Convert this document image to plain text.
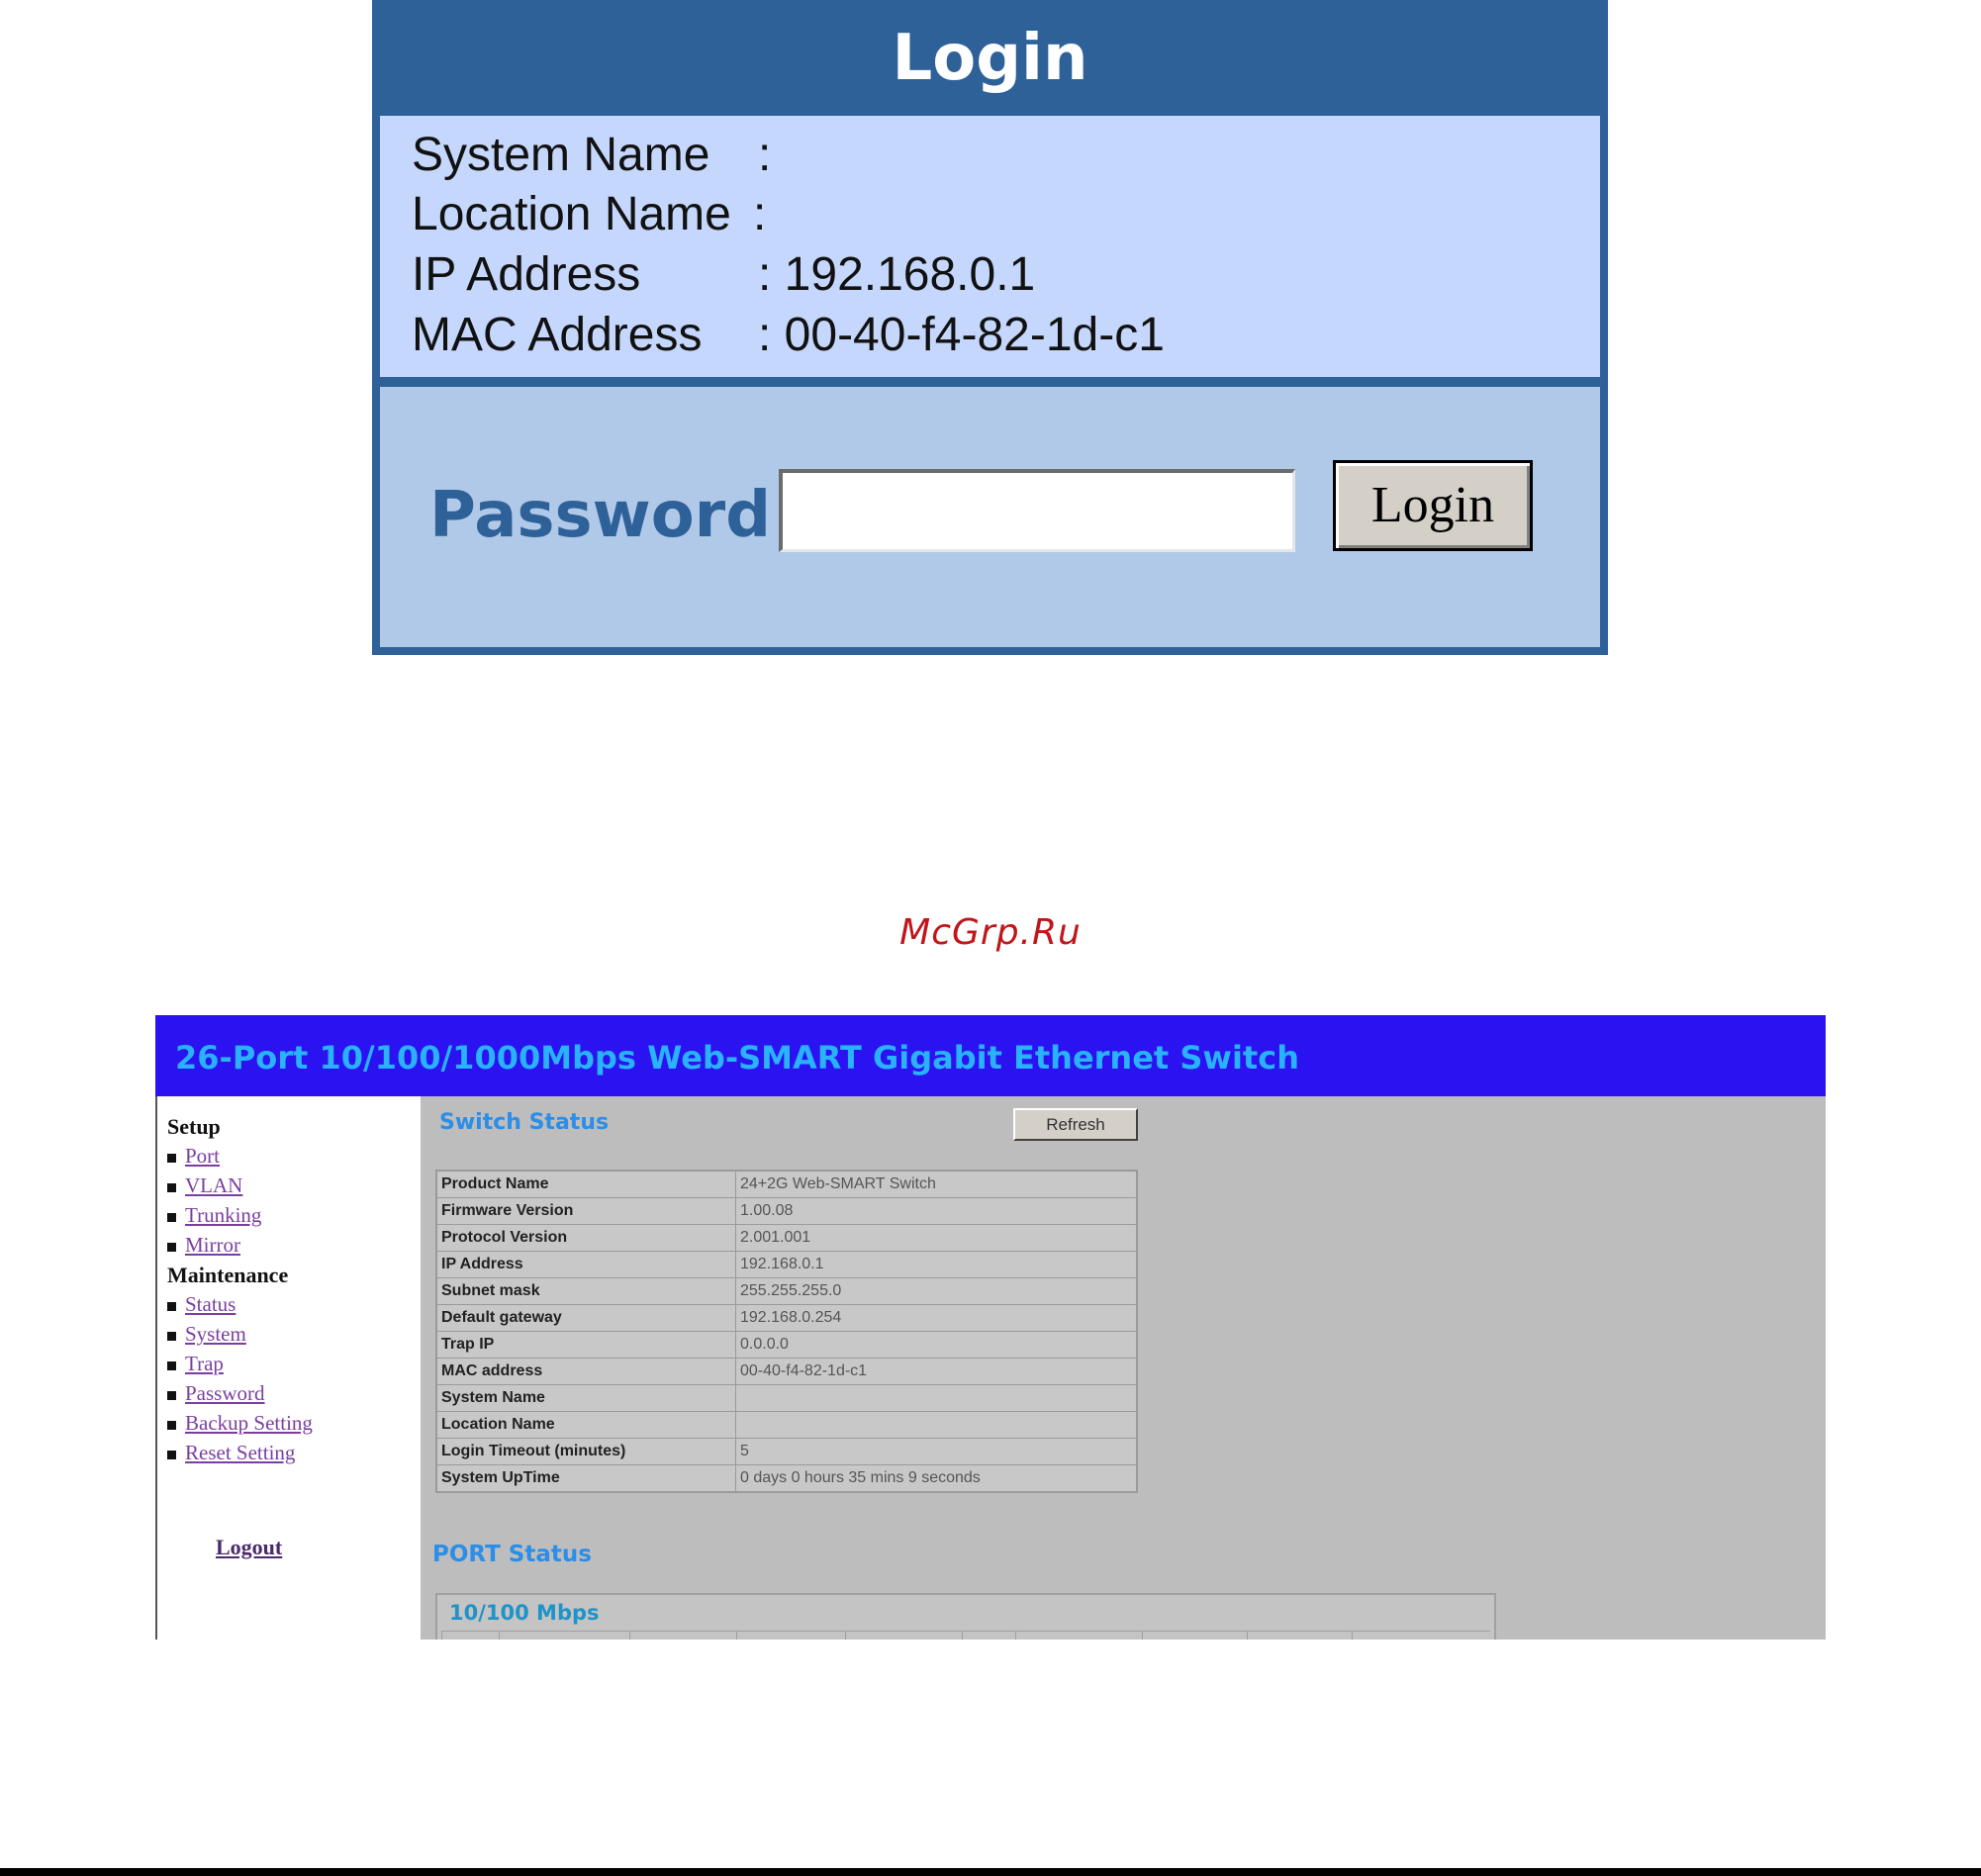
Login
System Name :
Location Name :
IP Address : 192.168.0.1
MAC Address : 00-40-f4-82-1d-c1
Password	Login
McGrp.Ru
26-Port 10/100/1000Mbps Web-SMART Gigabit Ethernet Switch
Setup
Port
VLAN
Trunking
Mirror
Maintenance
Status
System
Trap
Password
Backup Setting
Reset Setting
Logout
Switch Status	Refresh
Product Name	24+2G Web-SMART Switch
Firmware Version	1.00.08
Protocol Version	2.001.001
IP Address	192.168.0.1
Subnet mask	255.255.255.0
Default gateway	192.168.0.254
Trap IP	0.0.0.0
MAC address	00-40-f4-82-1d-c1
System Name	
Location Name	
Login Timeout (minutes)	5
System UpTime	0 days 0 hours 35 mins 9 seconds
PORT Status
10/100 Mbps
